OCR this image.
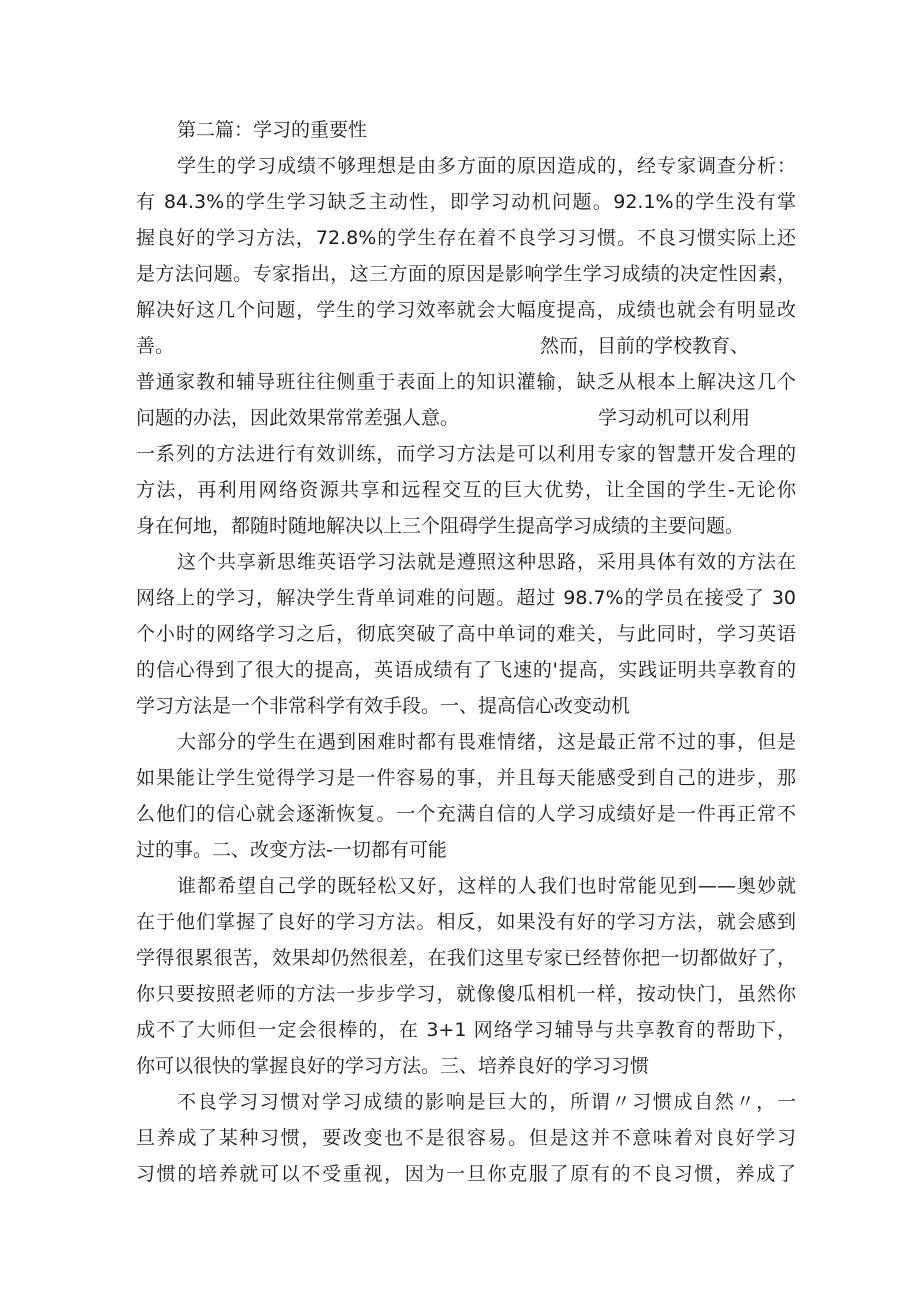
第二篇：学习的重要性
学生的学习成绩不够理想是由多方面的原因造成的，经专家调查分析：
有 84.3%的学生学习缺乏主动性，即学习动机问题。92.1%的学生没有掌
握良好的学习方法，72.8%的学生存在着不良学习习惯。不良习惯实际上还
是方法问题。专家指出，这三方面的原因是影响学生学习成绩的决定性因素，
解决好这几个问题，学生的学习效率就会大幅度提高，成绩也就会有明显改
善。	然而，目前的学校教育、
普通家教和辅导班往往侧重于表面上的知识灌输，缺乏从根本上解决这几个
问题的办法，因此效果常常差强人意。	学习动机可以利用
一系列的方法进行有效训练，而学习方法是可以利用专家的智慧开发合理的
方法，再利用网络资源共享和远程交互的巨大优势，让全国的学生-无论你
身在何地，都随时随地解决以上三个阻碍学生提高学习成绩的主要问题。
这个共享新思维英语学习法就是遵照这种思路，采用具体有效的方法在
网络上的学习，解决学生背单词难的问题。超过 98.7%的学员在接受了 30
个小时的网络学习之后，彻底突破了高中单词的难关，与此同时，学习英语
的信心得到了很大的提高，英语成绩有了飞速的'提高，实践证明共享教育的
学习方法是一个非常科学有效手段。一、提高信心改变动机
大部分的学生在遇到困难时都有畏难情绪，这是最正常不过的事，但是
如果能让学生觉得学习是一件容易的事，并且每天能感受到自己的进步，那
么他们的信心就会逐渐恢复。一个充满自信的人学习成绩好是一件再正常不
过的事。二、改变方法-一切都有可能
谁都希望自己学的既轻松又好，这样的人我们也时常能见到——奥妙就
在于他们掌握了良好的学习方法。相反，如果没有好的学习方法，就会感到
学得很累很苦，效果却仍然很差，在我们这里专家已经替你把一切都做好了，
你只要按照老师的方法一步步学习，就像傻瓜相机一样，按动快门，虽然你
成不了大师但一定会很棒的，在 3+1 网络学习辅导与共享教育的帮助下，
你可以很快的掌握良好的学习方法。三、培养良好的学习习惯
不良学习习惯对学习成绩的影响是巨大的，所谓〃习惯成自然〃，一
旦养成了某种习惯，要改变也不是很容易。但是这并不意味着对良好学习
习惯的培养就可以不受重视，因为一旦你克服了原有的不良习惯，养成了
